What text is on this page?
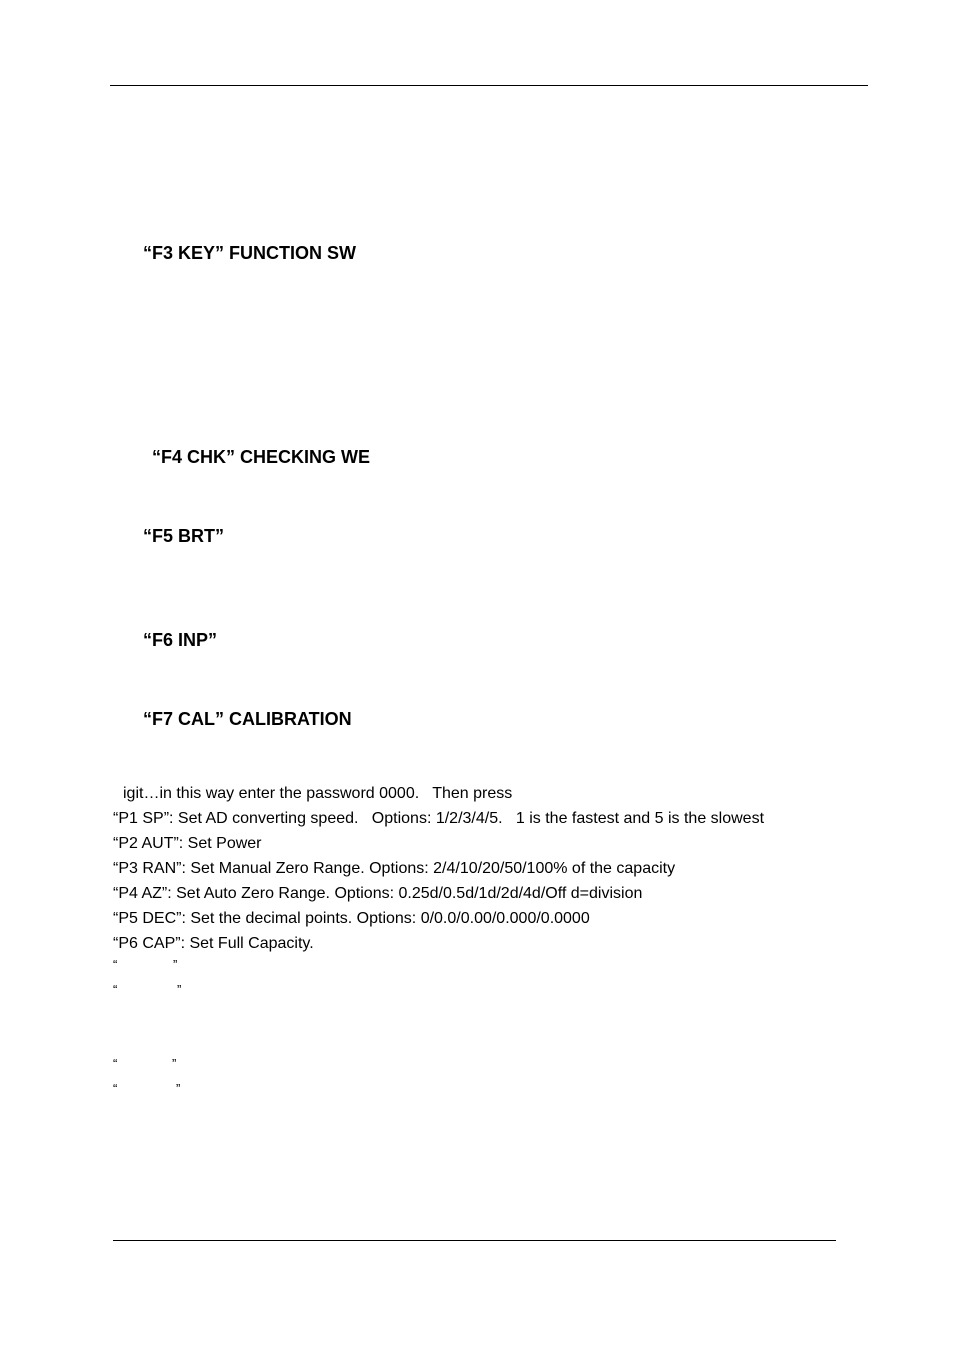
“F3 KEY” FUNCTION SW
“F4 CHK” CHECKING WE
“F5 BRT”
“F6 INP”
“F7 CAL” CALIBRATION
igit…in this way enter the password 0000.   Then press
“P1 SP”: Set AD converting speed.   Options: 1/2/3/4/5.   1 is the fastest and 5 is the slowest
“P2 AUT”: Set Power
“P3 RAN”: Set Manual Zero Range. Options: 2/4/10/20/50/100% of the capacity
“P4 AZ”: Set Auto Zero Range. Options: 0.25d/0.5d/1d/2d/4d/Off d=division
“P5 DEC”: Set the decimal points. Options: 0/0.0/0.00/0.000/0.0000
“P6 CAP”: Set Full Capacity.
“	”
“	”
“	”
“	”
